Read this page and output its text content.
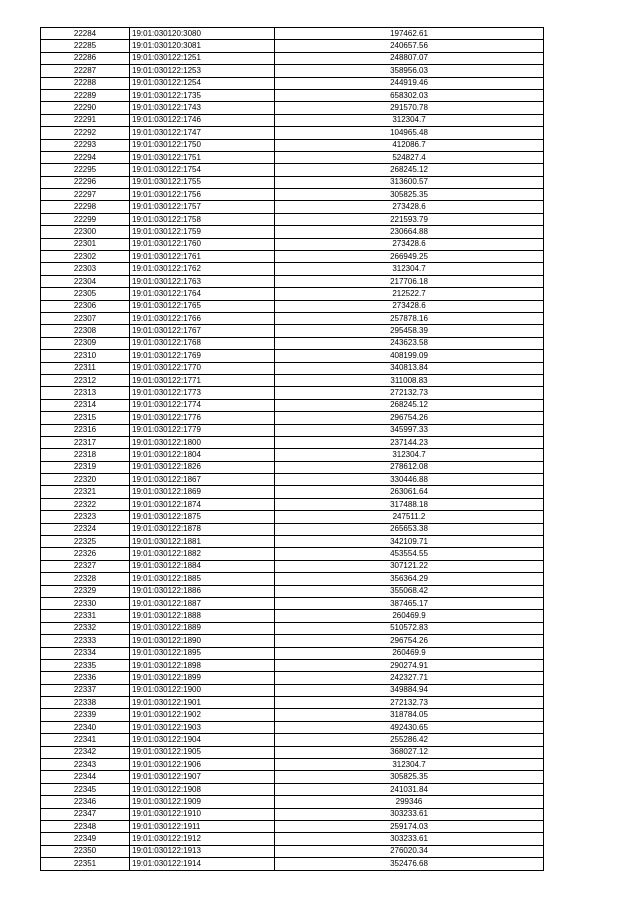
22284	19:01:030120:3080	197462.61
22285	19:01:030120:3081	240657.56
22286	19:01:030122:1251	248807.07
22287	19:01:030122:1253	358956.03
22288	19:01:030122:1254	244919.46
22289	19:01:030122:1735	658302.03
22290	19:01:030122:1743	291570.78
22291	19:01:030122:1746	312304.7
22292	19:01:030122:1747	104965.48
22293	19:01:030122:1750	412086.7
22294	19:01:030122:1751	524827.4
22295	19:01:030122:1754	268245.12
22296	19:01:030122:1755	313600.57
22297	19:01:030122:1756	305825.35
22298	19:01:030122:1757	273428.6
22299	19:01:030122:1758	221593.79
22300	19:01:030122:1759	230664.88
22301	19:01:030122:1760	273428.6
22302	19:01:030122:1761	266949.25
22303	19:01:030122:1762	312304.7
22304	19:01:030122:1763	217706.18
22305	19:01:030122:1764	212522.7
22306	19:01:030122:1765	273428.6
22307	19:01:030122:1766	257878.16
22308	19:01:030122:1767	295458.39
22309	19:01:030122:1768	243623.58
22310	19:01:030122:1769	408199.09
22311	19:01:030122:1770	340813.84
22312	19:01:030122:1771	311008.83
22313	19:01:030122:1773	272132.73
22314	19:01:030122:1774	268245.12
22315	19:01:030122:1776	296754.26
22316	19:01:030122:1779	345997.33
22317	19:01:030122:1800	237144.23
22318	19:01:030122:1804	312304.7
22319	19:01:030122:1826	278612.08
22320	19:01:030122:1867	330446.88
22321	19:01:030122:1869	263061.64
22322	19:01:030122:1874	317488.18
22323	19:01:030122:1875	247511.2
22324	19:01:030122:1878	265653.38
22325	19:01:030122:1881	342109.71
22326	19:01:030122:1882	453554.55
22327	19:01:030122:1884	307121.22
22328	19:01:030122:1885	356364.29
22329	19:01:030122:1886	355068.42
22330	19:01:030122:1887	387465.17
22331	19:01:030122:1888	260469.9
22332	19:01:030122:1889	510572.83
22333	19:01:030122:1890	296754.26
22334	19:01:030122:1895	260469.9
22335	19:01:030122:1898	290274.91
22336	19:01:030122:1899	242327.71
22337	19:01:030122:1900	349884.94
22338	19:01:030122:1901	272132.73
22339	19:01:030122:1902	318784.05
22340	19:01:030122:1903	492430.65
22341	19:01:030122:1904	255286.42
22342	19:01:030122:1905	368027.12
22343	19:01:030122:1906	312304.7
22344	19:01:030122:1907	305825.35
22345	19:01:030122:1908	241031.84
22346	19:01:030122:1909	299346
22347	19:01:030122:1910	303233.61
22348	19:01:030122:1911	259174.03
22349	19:01:030122:1912	303233.61
22350	19:01:030122:1913	276020.34
22351	19:01:030122:1914	352476.68
